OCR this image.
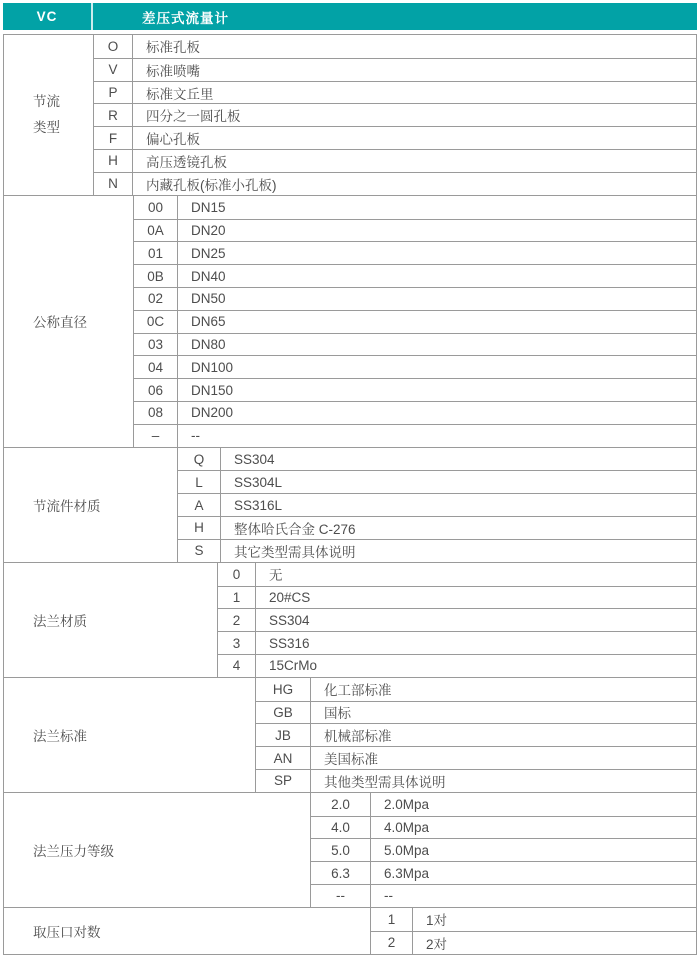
VC	差压式流量计
节流类型
O	标准孔板
V	标准喷嘴
P	标准文丘里
R	四分之一圆孔板
F	偏心孔板
H	高压透镜孔板
N	内藏孔板(标准小孔板)
公称直径
00	DN15
0A	DN20
01	DN25
0B	DN40
02	DN50
0C	DN65
03	DN80
04	DN100
06	DN150
08	DN200
–	--
节流件材质
Q	SS304
L	SS304L
A	SS316L
H	整体哈氏合金 C-276
S	其它类型需具体说明
法兰材质
0	无
1	20#CS
2	SS304
3	SS316
4	15CrMo
法兰标准
HG	化工部标准
GB	国标
JB	机械部标准
AN	美国标准
SP	其他类型需具体说明
法兰压力等级
2.0	2.0Mpa
4.0	4.0Mpa
5.0	5.0Mpa
6.3	6.3Mpa
--	--
取压口对数
1	1对
2	2对
